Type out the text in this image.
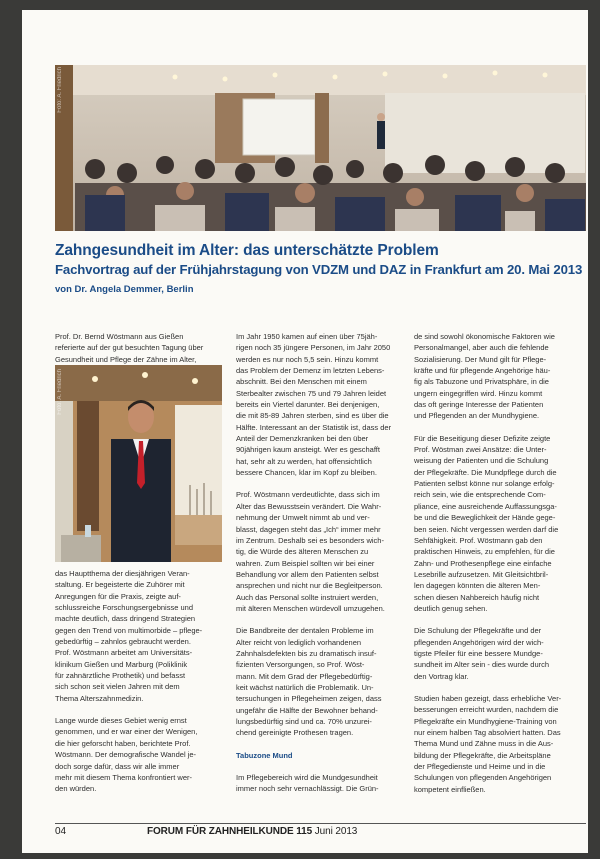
Foto: A. Friedrich
Zahngesundheit im Alter: das unterschätzte Problem
Fachvortrag auf der Frühjahrstagung von VDZM und DAZ in Frankfurt am 20. Mai 2013
von Dr. Angela Demmer, Berlin

Prof. Dr. Bernd Wöstmann aus Gießen

referierte auf der gut besuchten Tagung über

Gesundheit und Pflege der Zähne im Alter,

Foto: A. Friedrich

das Hauptthema der diesjährigen Veran-

staltung. Er begeisterte die Zuhörer mit

Anregungen für die Praxis, zeigte auf-

schlussreiche Forschungsergebnisse und

machte deutlich, dass dringend Strategien

gegen den Trend von multimorbide – pflege-

gebedürftig – zahnlos gebraucht werden.

Prof. Wöstmann arbeitet am Universitäts-

klinikum Gießen und Marburg (Poliklinik

für zahnärztliche Prothetik) und befasst

sich schon seit vielen Jahren mit dem

Thema Alterszahnmedizin.

Lange wurde dieses Gebiet wenig ernst

genommen, und er war einer der Wenigen,

die hier geforscht haben, berichtete Prof.

Wöstmann. Der demografische Wandel je-

doch sorge dafür, dass wir alle immer

mehr mit diesem Thema konfrontiert wer-

den würden.

Im Jahr 1950 kamen auf einen über 75jäh-

rigen noch 35 jüngere Personen, im Jahr 2050

werden es nur noch 5,5 sein. Hinzu kommt

das Problem der Demenz im letzten Lebens-

abschnitt. Bei den Menschen mit einem

Sterbealter zwischen 75 und 79 Jahren leidet

bereits ein Viertel darunter. Bei denjenigen,

die mit 85-89 Jahren sterben, sind es über die

Hälfte. Interessant an der Statistik ist, dass der

Anteil der Demenzkranken bei den über

90jährigen kaum ansteigt. Wer es geschafft

hat, sehr alt zu werden, hat offensichtlich

bessere Chancen, klar im Kopf zu bleiben.

Prof. Wöstmann verdeutlichte, dass sich im

Alter das Bewusstsein verändert. Die Wahr-

nehmung der Umwelt nimmt ab und ver-

blasst, dagegen steht das „Ich“ immer mehr

im Zentrum. Deshalb sei es besonders wich-

tig, die Würde des älteren Menschen zu

wahren. Zum Beispiel sollten wir bei einer

Behandlung vor allem den Patienten selbst

ansprechen und nicht nur die Begleitperson.

Auch das Personal sollte instruiert werden,

mit älteren Menschen würdevoll umzugehen.

Die Bandbreite der dentalen Probleme im

Alter reicht von lediglich vorhandenen

Zahnhalsdefekten bis zu dramatisch insuf-

fizienten Versorgungen, so Prof. Wöst-

mann. Mit dem Grad der Pflegebedürftig-

keit wächst natürlich die Problematik. Un-

tersuchungen in Pflegeheimen zeigen, dass

ungefähr die Hälfte der Bewohner behand-

lungsbedürftig sind und ca. 70% unzurei-

chend gereinigte Prothesen tragen.

Tabuzone Mund

Im Pflegebereich wird die Mundgesundheit

immer noch sehr vernachlässigt. Die Grün-

de sind sowohl ökonomische Faktoren wie

Personalmangel, aber auch die fehlende

Sozialisierung. Der Mund gilt für Pflege-

kräfte und für pflegende Angehörige häu-

fig als Tabuzone und Privatsphäre, in die

ungern eingegriffen wird. Hinzu kommt

das oft geringe Interesse der Patienten

und Pflegenden an der Mundhygiene.

Für die Beseitigung dieser Defizite zeigte

Prof. Wöstman zwei Ansätze: die Unter-

weisung der Patienten und die Schulung

der Pflegekräfte. Die Mundpflege durch die

Patienten selbst könne nur solange erfolg-

reich sein, wie die entsprechende Com-

pliance, eine ausreichende Auffassungsga-

be und die Beweglichkeit der Hände gege-

ben seien. Nicht vergessen werden darf die

Sehfähigkeit. Prof. Wöstmann gab den

praktischen Hinweis, zu empfehlen, für die

Zahn- und Prothesenpflege eine einfache

Lesebrille aufzusetzen. Mit Gleitsichtbril-

len dagegen könnten die älteren Men-

schen diesen Nahbereich häufig nicht

deutlich genug sehen.

Die Schulung der Pflegekräfte und der

pflegenden Angehörigen wird der wich-

tigste Pfeiler für eine bessere Mundge-

sundheit im Alter sein - dies wurde durch

den Vortrag klar.

Studien haben gezeigt, dass erhebliche Ver-

besserungen erreicht wurden, nachdem die

Pflegekräfte ein Mundhygiene-Training von

nur einem halben Tag absolviert hatten. Das

Thema Mund und Zähne muss in die Aus-

bildung der Pflegekräfte, die Arbeitspläne

der Pflegedienste und Heime und in die

Schulungen von pflegenden Angehörigen

kompetent einfließen.

04	FORUM FÜR ZAHNHEILKUNDE 115 Juni 2013
